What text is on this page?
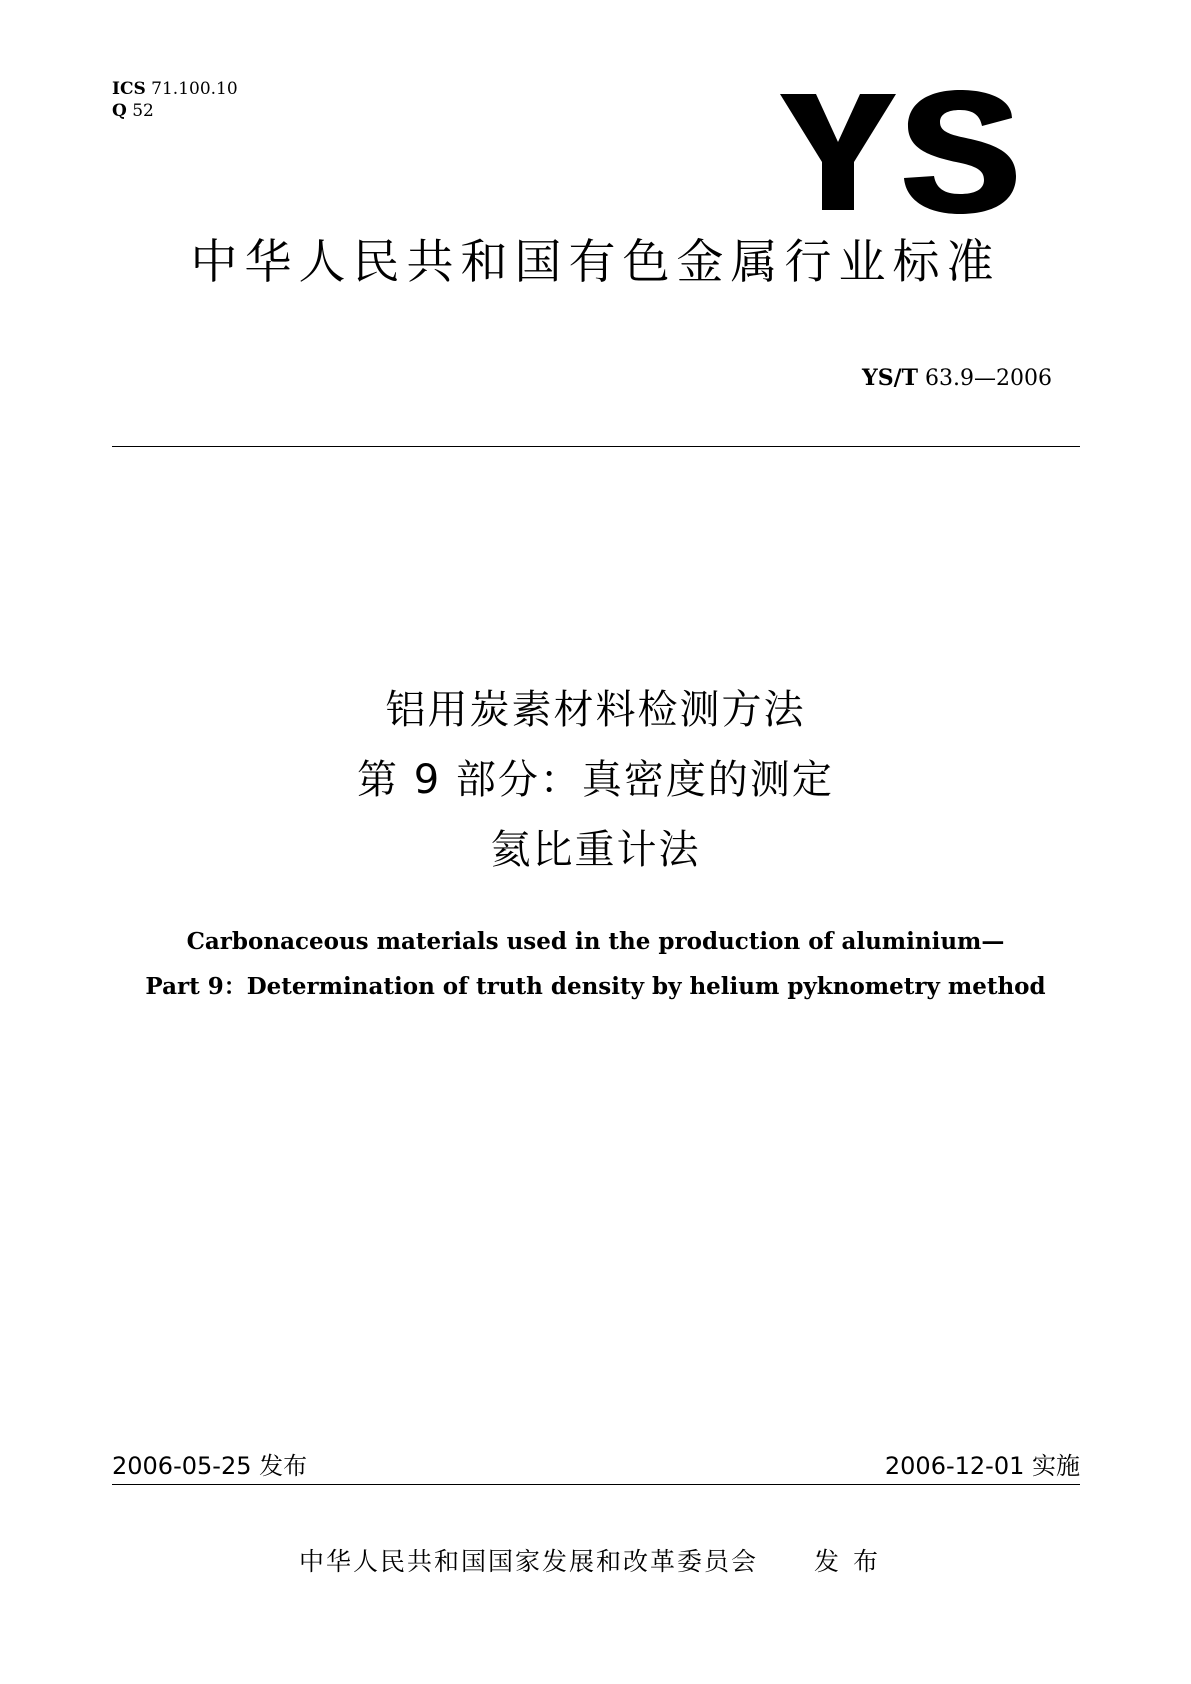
ICS 71.100.10
Q 52
中华人民共和国有色金属行业标准
YS/T 63.9—2006
铝用炭素材料检测方法
第 9 部分：真密度的测定
氦比重计法
Carbonaceous materials used in the production of aluminium—
Part 9：Determination of truth density by helium pyknometry method
2006-05-25 发布	2006-12-01 实施
中华人民共和国国家发展和改革委员会 发布
